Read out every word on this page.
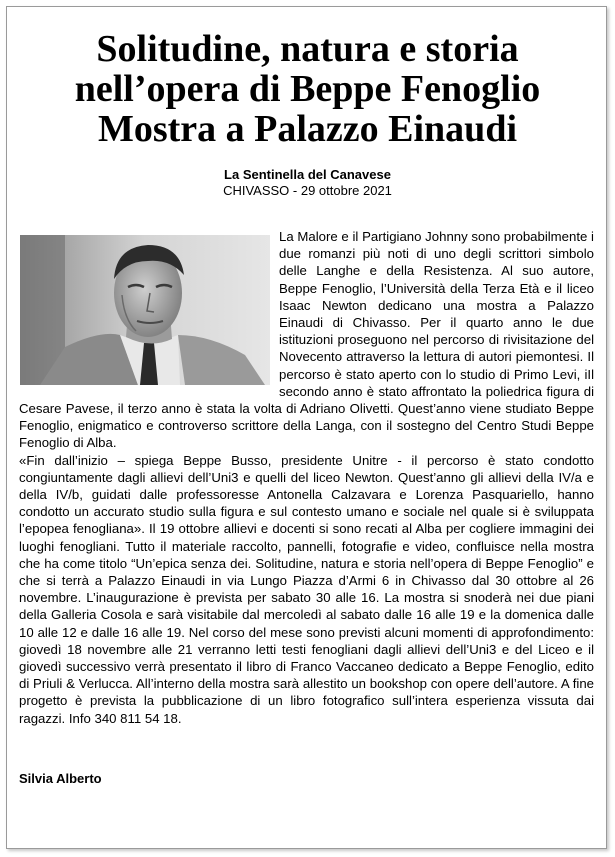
Solitudine, natura e storia
nell’opera di Beppe Fenoglio
Mostra a Palazzo Einaudi
La Sentinella del Canavese
CHIVASSO - 29 ottobre 2021

La Malore e il Partigiano Johnny sono probabilmente i due romanzi più noti di uno degli scrittori simbolo delle Langhe e della Resistenza. Al suo autore, Beppe Fenoglio, l’Università della Terza Età e il liceo Isaac Newton dedicano una mostra a Palazzo Einaudi di Chivasso. Per il quarto anno le due istituzioni proseguono nel percorso di rivisitazione del Novecento attraverso la lettura di autori piemontesi. Il percorso è stato aperto con lo studio di Primo Levi, iIl secondo anno è stato affrontato la poliedrica figura di Cesare Pavese, il terzo anno è stata la volta di Adriano Olivetti. Quest’anno viene studiato Beppe Fenoglio, enigmatico e controverso scrittore della Langa, con il sostegno del Centro Studi Beppe Fenoglio di Alba.

«Fin dall’inizio – spiega Beppe Busso, presidente Unitre - il percorso è stato condotto congiuntamente dagli allievi dell’Uni3 e quelli del liceo Newton. Quest’anno gli allievi della IV/a e della IV/b, guidati dalle professoresse Antonella Calzavara e Lorenza Pasquariello, hanno condotto un accurato studio sulla figura e sul contesto umano e sociale nel quale si è sviluppata l’epopea fenogliana». Il 19 ottobre allievi e docenti si sono recati al Alba per cogliere immagini dei luoghi fenogliani. Tutto il materiale raccolto, pannelli, fotografie e video, confluisce nella mostra che ha come titolo “Un’epica senza dei. Solitudine, natura e storia nell’opera di Beppe Fenoglio” e che si terrà a Palazzo Einaudi in via Lungo Piazza d’Armi 6 in Chivasso dal 30 ottobre al 26 novembre. L’inaugurazione è prevista per sabato 30 alle 16. La mostra si snoderà nei due piani della Galleria Cosola e sarà visitabile dal mercoledì al sabato dalle 16 alle 19 e la domenica dalle 10 alle 12 e dalle 16 alle 19. Nel corso del mese sono previsti alcuni momenti di approfondimento: giovedì 18 novembre alle 21 verranno letti testi fenogliani dagli allievi dell’Uni3 e del Liceo e il giovedì successivo verrà presentato il libro di Franco Vaccaneo dedicato a Beppe Fenoglio, edito di Priuli & Verlucca. All’interno della mostra sarà allestito un bookshop con opere dell’autore. A fine progetto è prevista la pubblicazione di un libro fotografico sull’intera esperienza vissuta dai ragazzi. Info 340 811 54 18.

Silvia Alberto
